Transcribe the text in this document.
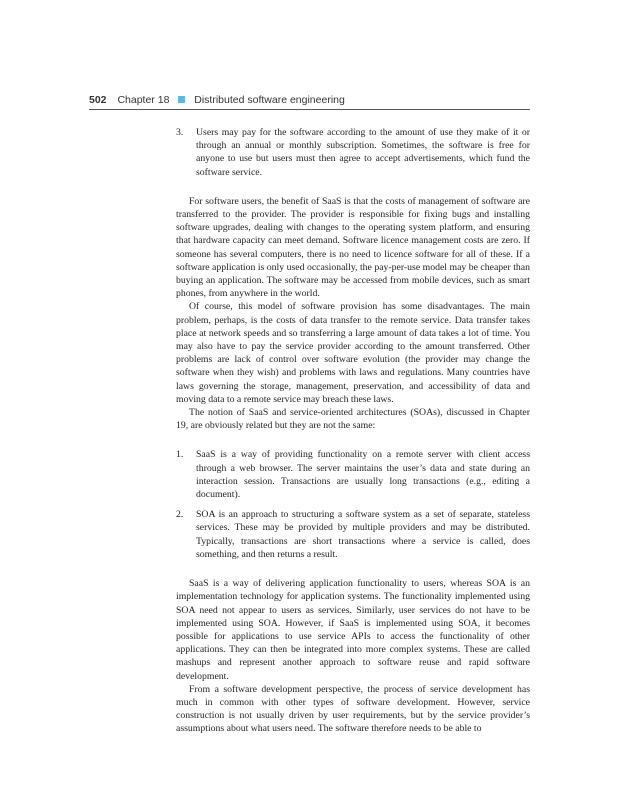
502 Chapter 18 Distributed software engineering
3. Users may pay for the software according to the amount of use they make of it or through an annual or monthly subscription. Sometimes, the software is free for anyone to use but users must then agree to accept advertisements, which fund the software service.

For software users, the benefit of SaaS is that the costs of management of software are transferred to the provider. The provider is responsible for fixing bugs and installing software upgrades, dealing with changes to the operating system platform, and ensuring that hardware capacity can meet demand. Software licence management costs are zero. If someone has several computers, there is no need to licence software for all of these. If a software application is only used occasionally, the pay-per-use model may be cheaper than buying an application. The software may be accessed from mobile devices, such as smart phones, from anywhere in the world.

Of course, this model of software provision has some disadvantages. The main problem, perhaps, is the costs of data transfer to the remote service. Data transfer takes place at network speeds and so transferring a large amount of data takes a lot of time. You may also have to pay the service provider according to the amount transferred. Other problems are lack of control over software evolution (the provider may change the software when they wish) and problems with laws and regulations. Many countries have laws governing the storage, management, preservation, and accessibility of data and moving data to a remote service may breach these laws.

The notion of SaaS and service-oriented architectures (SOAs), discussed in Chapter 19, are obviously related but they are not the same:

1. SaaS is a way of providing functionality on a remote server with client access through a web browser. The server maintains the user’s data and state during an interaction session. Transactions are usually long transactions (e.g., editing a document).
2. SOA is an approach to structuring a software system as a set of separate, stateless services. These may be provided by multiple providers and may be distributed. Typically, transactions are short transactions where a service is called, does something, and then returns a result.

SaaS is a way of delivering application functionality to users, whereas SOA is an implementation technology for application systems. The functionality implemented using SOA need not appear to users as services. Similarly, user services do not have to be implemented using SOA. However, if SaaS is implemented using SOA, it becomes possible for applications to use service APIs to access the functionality of other applications. They can then be integrated into more complex systems. These are called mashups and represent another approach to software reuse and rapid software development.

From a software development perspective, the process of service development has much in common with other types of software development. However, service construction is not usually driven by user requirements, but by the service provider’s assumptions about what users need. The software therefore needs to be able to
